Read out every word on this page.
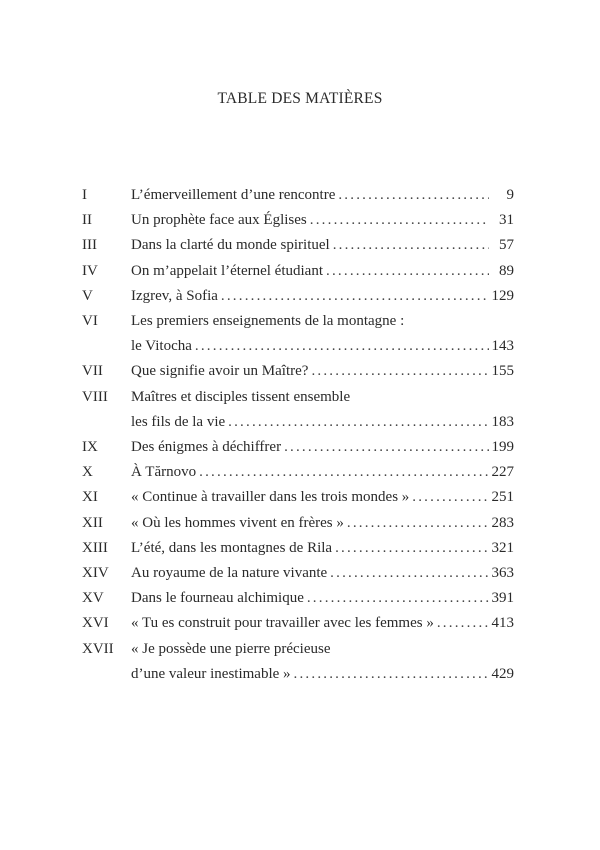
TABLE DES MATIÈRES
I	L’émerveillement d’une rencontre .....	9
II	Un prophète face aux Églises .....	31
III	Dans la clarté du monde spirituel .....	57
IV	On m’appelait l’éternel étudiant .....	89
V	Izgrev, à Sofia .....	129
VI	Les premiers enseignements de la montagne :
le Vitocha .....	143
VII	Que signifie avoir un Maître? .....	155
VIII	Maîtres et disciples tissent ensemble
les fils de la vie .....	183
IX	Des énigmes à déchiffrer .....	199
X	À Tărnovo .....	227
XI	« Continue à travailler dans les trois mondes » .....	251
XII	« Où les hommes vivent en frères » .....	283
XIII	L’été, dans les montagnes de Rila .....	321
XIV	Au royaume de la nature vivante .....	363
XV	Dans le fourneau alchimique .....	391
XVI	« Tu es construit pour travailler avec les femmes » .....	413
XVII	« Je possède une pierre précieuse
d’une valeur inestimable » .....	429
